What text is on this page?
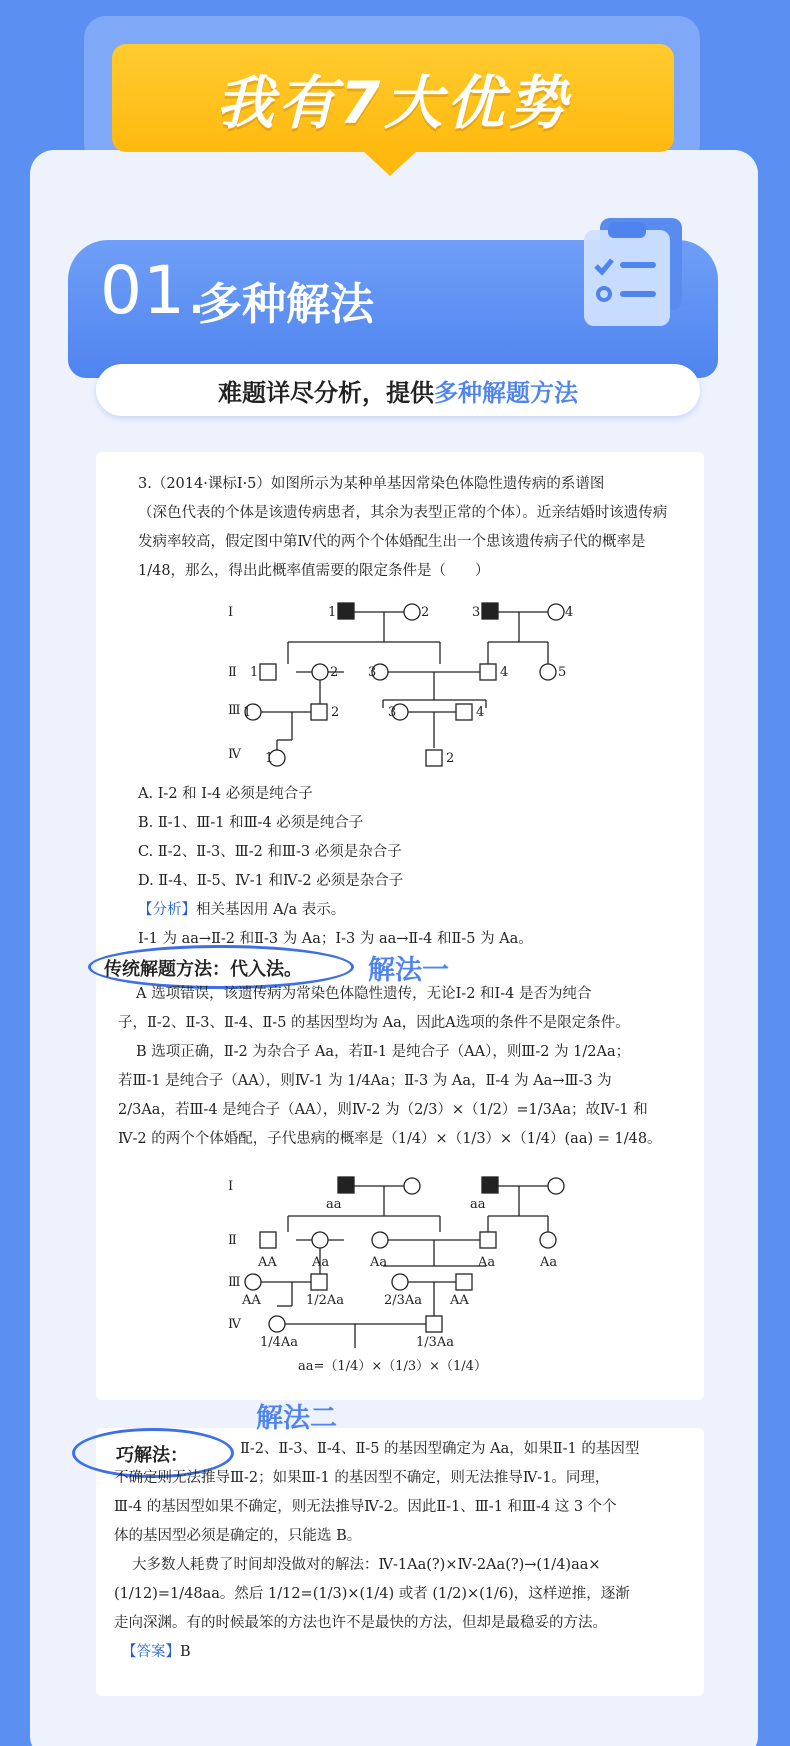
我有7大优势
01.
多种解法
难题详尽分析，提供 多种解题方法
3.（2014·课标Ⅰ·5）如图所示为某种单基因常染色体隐性遗传病的系谱图
（深色代表的个体是该遗传病患者，其余为表型正常的个体）。近亲结婚时该遗传病
发病率较高，假定图中第Ⅳ代的两个个体婚配生出一个患该遗传病子代的概率是
1/48，那么，得出此概率值需要的限定条件是（　　）
Ⅰ
Ⅱ
Ⅲ
Ⅳ
1	2	3	4
1	2 3	4	5
1	2	3	4
1	2
A. Ⅰ-2 和 Ⅰ-4 必须是纯合子
B. Ⅱ-1、Ⅲ-1 和Ⅲ-4 必须是纯合子
C. Ⅱ-2、Ⅱ-3、Ⅲ-2 和Ⅲ-3 必须是杂合子
D. Ⅱ-4、Ⅱ-5、Ⅳ-1 和Ⅳ-2 必须是杂合子
【分析】相关基因用 A/a 表示。
Ⅰ-1 为 aa→Ⅱ-2 和Ⅱ-3 为 Aa；Ⅰ-3 为 aa→Ⅱ-4 和Ⅱ-5 为 Aa。
传统解题方法：代入法。 解法一
A 选项错误，该遗传病为常染色体隐性遗传，无论Ⅰ-2 和Ⅰ-4 是否为纯合
子，Ⅱ-2、Ⅱ-3、Ⅱ-4、Ⅱ-5 的基因型均为 Aa，因此A选项的条件不是限定条件。
B 选项正确，Ⅱ-2 为杂合子 Aa，若Ⅱ-1 是纯合子（AA），则Ⅲ-2 为 1/2Aa；
若Ⅲ-1 是纯合子（AA），则Ⅳ-1 为 1/4Aa；Ⅱ-3 为 Aa，Ⅱ-4 为 Aa→Ⅲ-3 为
2/3Aa，若Ⅲ-4 是纯合子（AA），则Ⅳ-2 为（2/3）×（1/2）=1/3Aa；故Ⅳ-1 和
Ⅳ-2 的两个个体婚配，子代患病的概率是（1/4）×（1/3）×（1/4）(aa) = 1/48。
Ⅰ
Ⅱ
Ⅲ
Ⅳ
aa	aa
AA	Aa	Aa	Aa	Aa
AA	1/2Aa	2/3Aa AA
1/4Aa	1/3Aa
aa=（1/4）×（1/3）×（1/4）
解法二
巧解法：	Ⅱ-2、Ⅱ-3、Ⅱ-4、Ⅱ-5 的基因型确定为 Aa，如果Ⅱ-1 的基因型
不确定则无法推导Ⅲ-2；如果Ⅲ-1 的基因型不确定，则无法推导Ⅳ-1。同理，
Ⅲ-4 的基因型如果不确定，则无法推导Ⅳ-2。因此Ⅱ-1、Ⅲ-1 和Ⅲ-4 这 3 个个
体的基因型必须是确定的，只能选 B。
大多数人耗费了时间却没做对的解法：Ⅳ-1Aa(?)×Ⅳ-2Aa(?)→(1/4)aa×
(1/12)=1/48aa。然后 1/12=(1/3)×(1/4) 或者 (1/2)×(1/6)，这样逆推，逐渐
走向深渊。有的时候最笨的方法也许不是最快的方法，但却是最稳妥的方法。
【答案】B
